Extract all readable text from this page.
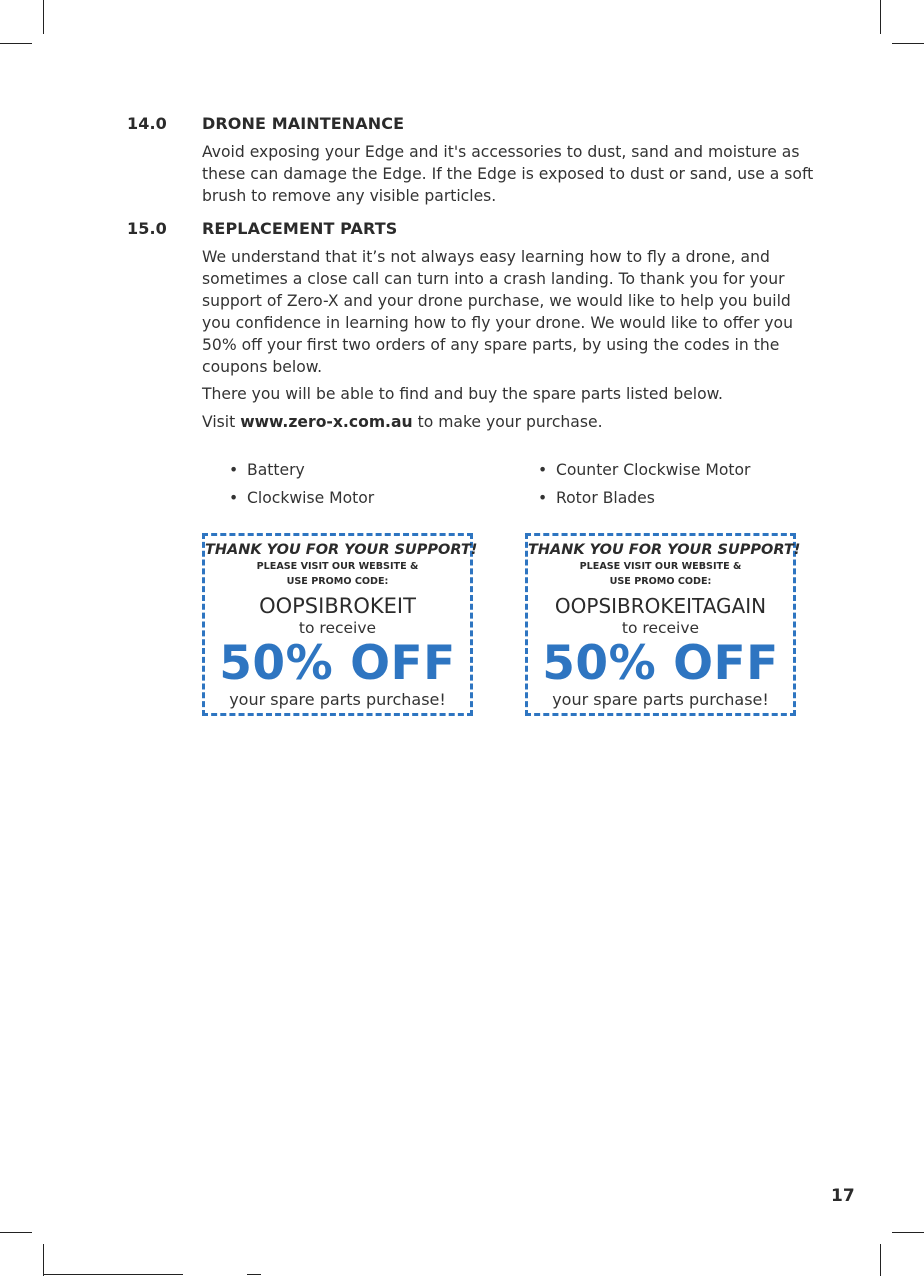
14.0 DRONE MAINTENANCE

Avoid exposing your Edge and it's accessories to dust, sand and moisture as these can damage the Edge. If the Edge is exposed to dust or sand, use a soft brush to remove any visible particles.

15.0 REPLACEMENT PARTS

We understand that it’s not always easy learning how to fly a drone, and sometimes a close call can turn into a crash landing. To thank you for your support of Zero-X and your drone purchase, we would like to help you build you confidence in learning how to fly your drone. We would like to offer you 50% off your first two orders of any spare parts, by using the codes in the coupons below.

There you will be able to find and buy the spare parts listed below.

Visit www.zero-x.com.au to make your purchase.

• Battery
• Clockwise Motor
• Counter Clockwise Motor
• Rotor Blades
THANK YOU FOR YOUR SUPPORT!
PLEASE VISIT OUR WEBSITE &
USE PROMO CODE:
OOPSIBROKEIT
to receive
50% OFF
your spare parts purchase!
THANK YOU FOR YOUR SUPPORT!
PLEASE VISIT OUR WEBSITE &
USE PROMO CODE:
OOPSIBROKEITAGAIN
to receive
50% OFF
your spare parts purchase!
17
